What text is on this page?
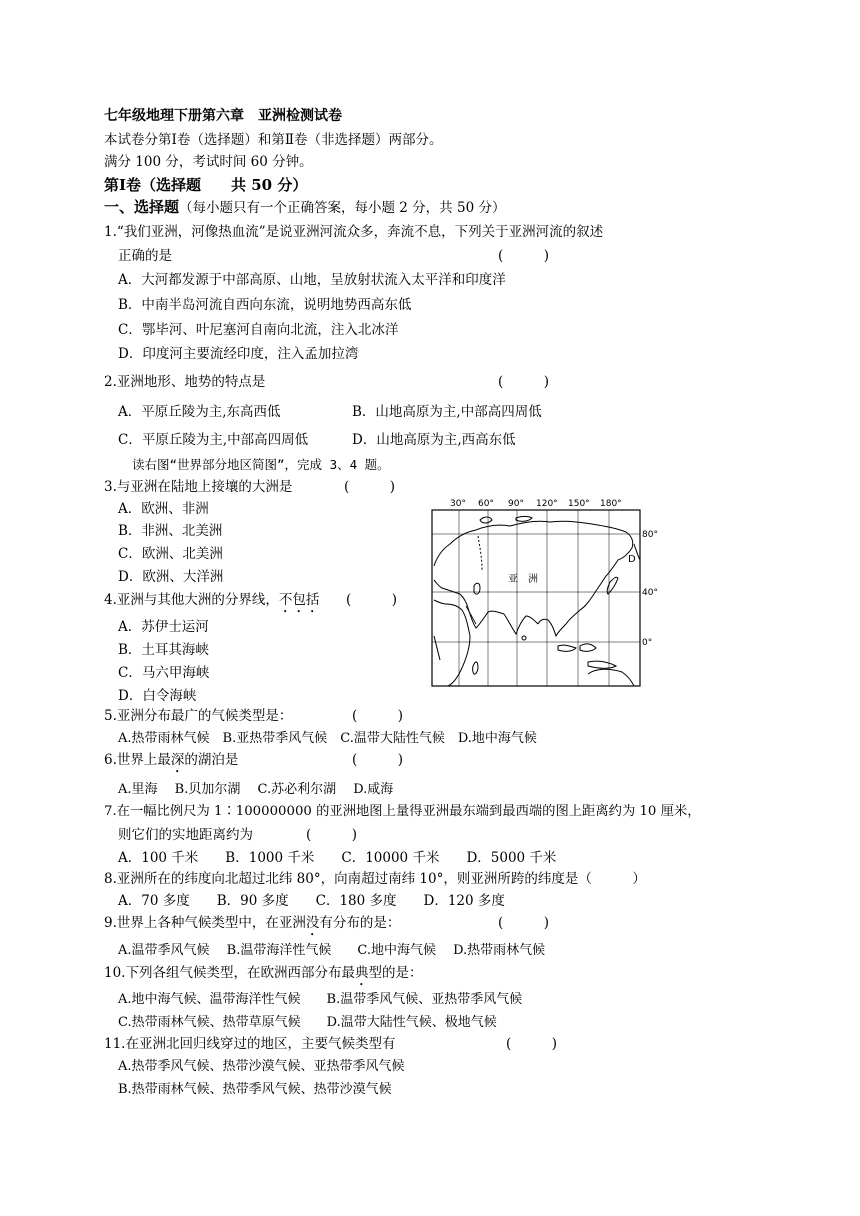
七年级地理下册第六章　亚洲检测试卷
本试卷分第Ⅰ卷（选择题）和第Ⅱ卷（非选择题）两部分。
满分 100 分，考试时间 60 分钟。
第Ⅰ卷（选择题　　共 50 分）
一、选择题（每小题只有一个正确答案，每小题 2 分，共 50 分）
1.“我们亚洲，河像热血流”是说亚洲河流众多，奔流不息，下列关于亚洲河流的叙述
正确的是	(　　　)
A．大河都发源于中部高原、山地，呈放射状流入太平洋和印度洋
B．中南半岛河流自西向东流，说明地势西高东低
C．鄂毕河、叶尼塞河自南向北流，注入北冰洋
D．印度河主要流经印度，注入孟加拉湾
2.亚洲地形、地势的特点是	(　　　)
A．平原丘陵为主,东高西低	B．山地高原为主,中部高四周低
C．平原丘陵为主,中部高四周低	D．山地高原为主,西高东低
读右图“世界部分地区简图”，完成 3、4 题。
3.与亚洲在陆地上接壤的大洲是	(　　　)
A．欧洲、非洲
B．非洲、北美洲
C．欧洲、北美洲
D．欧洲、大洋洲
4.亚洲与其他大洲的分界线，不包括 (　　　)
A．苏伊士运河
B．土耳其海峡
C．马六甲海峡
D．白令海峡
5.亚洲分布最广的气候类型是：	(　　　)
A.热带雨林气候　B.亚热带季风气候　C.温带大陆性气候　D.地中海气候
6.世界上最深的湖泊是	(　　　)
A.里海　 B.贝加尔湖　 C.苏必利尔湖　 D.咸海
7.在一幅比例尺为 1∶100000000 的亚洲地图上量得亚洲最东端到最西端的图上距离约为 10 厘米，
则它们的实地距离约为	(　　　)
A．100 千米　　B．1000 千米　　C．10000 千米　　D．5000 千米
8.亚洲所在的纬度向北超过北纬 80°，向南超过南纬 10°，则亚洲所跨的纬度是（　　　）
A．70 多度　　B．90 多度　　C．180 多度　　D．120 多度
9.世界上各种气候类型中，在亚洲没有分布的是：	(　　　)
A.温带季风气候　 B.温带海洋性气候　　C.地中海气候　 D.热带雨林气候
10.下列各组气候类型，在欧洲西部分布最典型的是：
A.地中海气候、温带海洋性气候　　B.温带季风气候、亚热带季风气候
C.热带雨林气候、热带草原气候　　D.温带大陆性气候、极地气候
11.在亚洲北回归线穿过的地区，主要气候类型有	(　　　)
A.热带季风气候、热带沙漠气候、亚热带季风气候
B.热带雨林气候、热带季风气候、热带沙漠气候
30° 60° 90° 120° 150° 180°
80°
40°
0°
亚　洲
D
